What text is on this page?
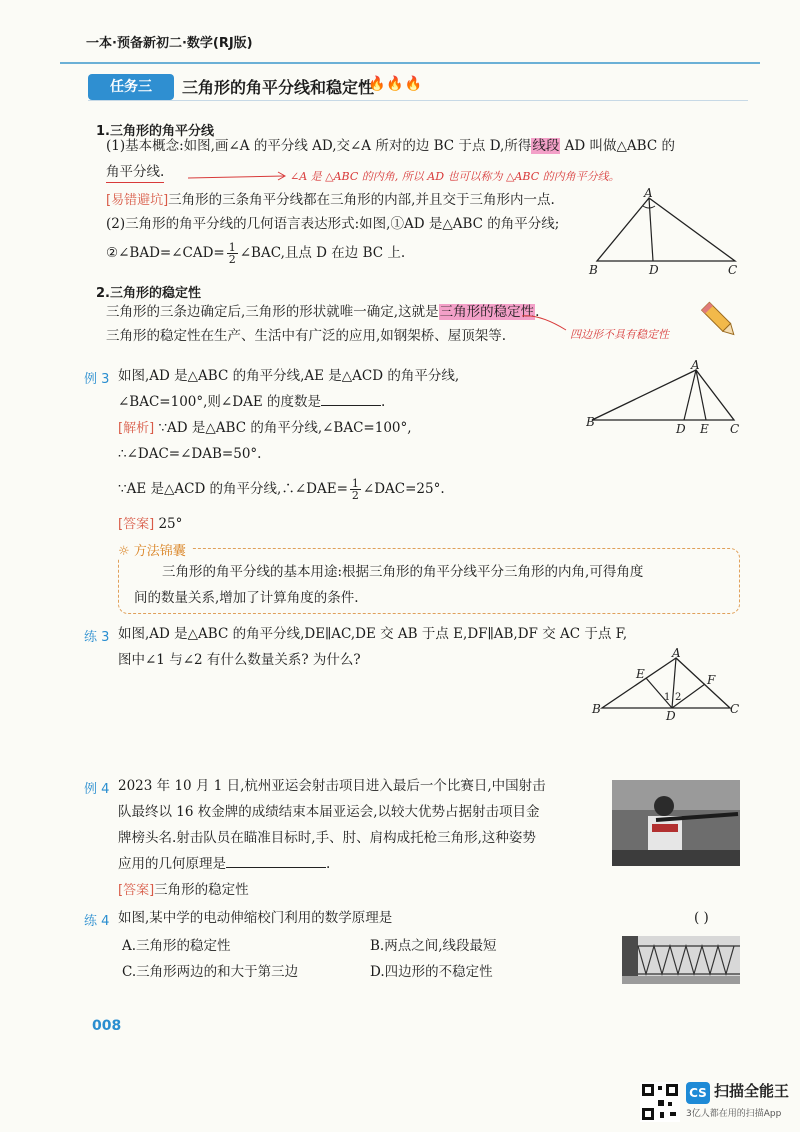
一本·预备新初二·数学(RJ版)
任务三	三角形的角平分线和稳定性
🔥🔥🔥
1.三角形的角平分线
(1)基本概念:如图,画∠A 的平分线 AD,交∠A 所对的边 BC 于点 D,所得线段 AD 叫做△ABC 的
角平分线.	∠A 是 △ABC 的内角, 所以 AD 也可以称为 △ABC 的内角平分线。
[易错避坑]三角形的三条角平分线都在三角形的内部,并且交于三角形内一点.
(2)三角形的角平分线的几何语言表达形式:如图,①AD 是△ABC 的角平分线;
②∠BAD=∠CAD= $\frac{1}{2}$ ∠BAC,且点 D 在边 BC 上.
A
B	D	C
2.三角形的稳定性
三角形的三条边确定后,三角形的形状就唯一确定,这就是三角形的稳定性.
三角形的稳定性在生产、生活中有广泛的应用,如钢架桥、屋顶架等.	四边形不具有稳定性
例 3 如图,AD 是△ABC 的角平分线,AE 是△ACD 的角平分线,
∠BAC=100°,则∠DAE 的度数是	.
[解析] ∵AD 是△ABC 的角平分线,∠BAC=100°,
∴∠DAC=∠DAB=50°.
∵AE 是△ACD 的角平分线,∴∠DAE= $\frac{1}{2}$ ∠DAC=25°.
[答案] 25°
A
B	D E C
☼ 方法锦囊
三角形的角平分线的基本用途:根据三角形的角平分线平分三角形的内角,可得角度
间的数量关系,增加了计算角度的条件.
练 3 如图,AD 是△ABC 的角平分线,DE∥AC,DE 交 AB 于点 E,DF∥AB,DF 交 AC 于点 F,
图中∠1 与∠2 有什么数量关系? 为什么?	A
E	F
B	D	C
1 2
例 4 2023 年 10 月 1 日,杭州亚运会射击项目进入最后一个比赛日,中国射击
队最终以 16 枚金牌的成绩结束本届亚运会,以较大优势占据射击项目金
牌榜头名.射击队员在瞄准目标时,手、肘、肩构成托枪三角形,这种姿势
应用的几何原理是	.
[答案]三角形的稳定性
练 4 如图,某中学的电动伸缩校门利用的数学原理是	( )
A.三角形的稳定性	B.两点之间,线段最短
C.三角形两边的和大于第三边	D.四边形的不稳定性
008
CS 扫描全能王
3亿人都在用的扫描App
